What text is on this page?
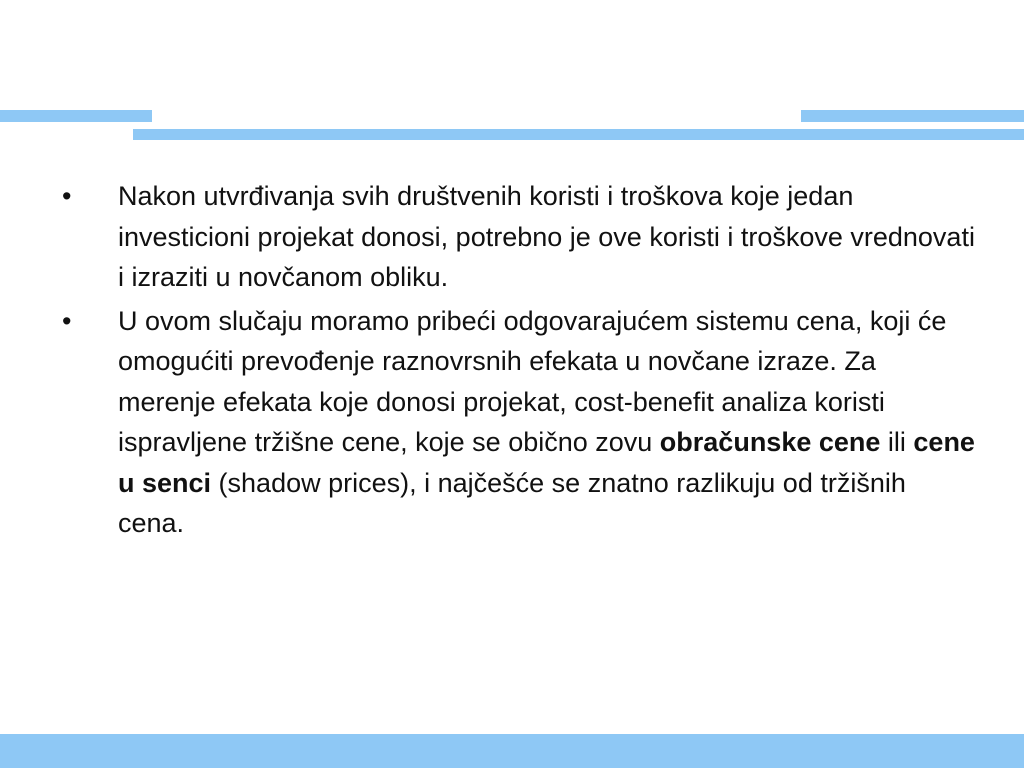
•	Nakon utvrđivanja svih društvenih koristi i troškova koje jedan investicioni projekat donosi, potrebno je ove koristi i troškove vrednovati i izraziti u novčanom obliku.
•	U ovom slučaju moramo pribeći odgovarajućem sistemu cena, koji će omogućiti prevođenje raznovrsnih efekata u novčane izraze. Za merenje efekata koje donosi projekat, cost-benefit analiza koristi ispravljene tržišne cene, koje se obično zovu obračunske cene ili cene u senci (shadow prices), i najčešće se znatno razlikuju od tržišnih cena.
